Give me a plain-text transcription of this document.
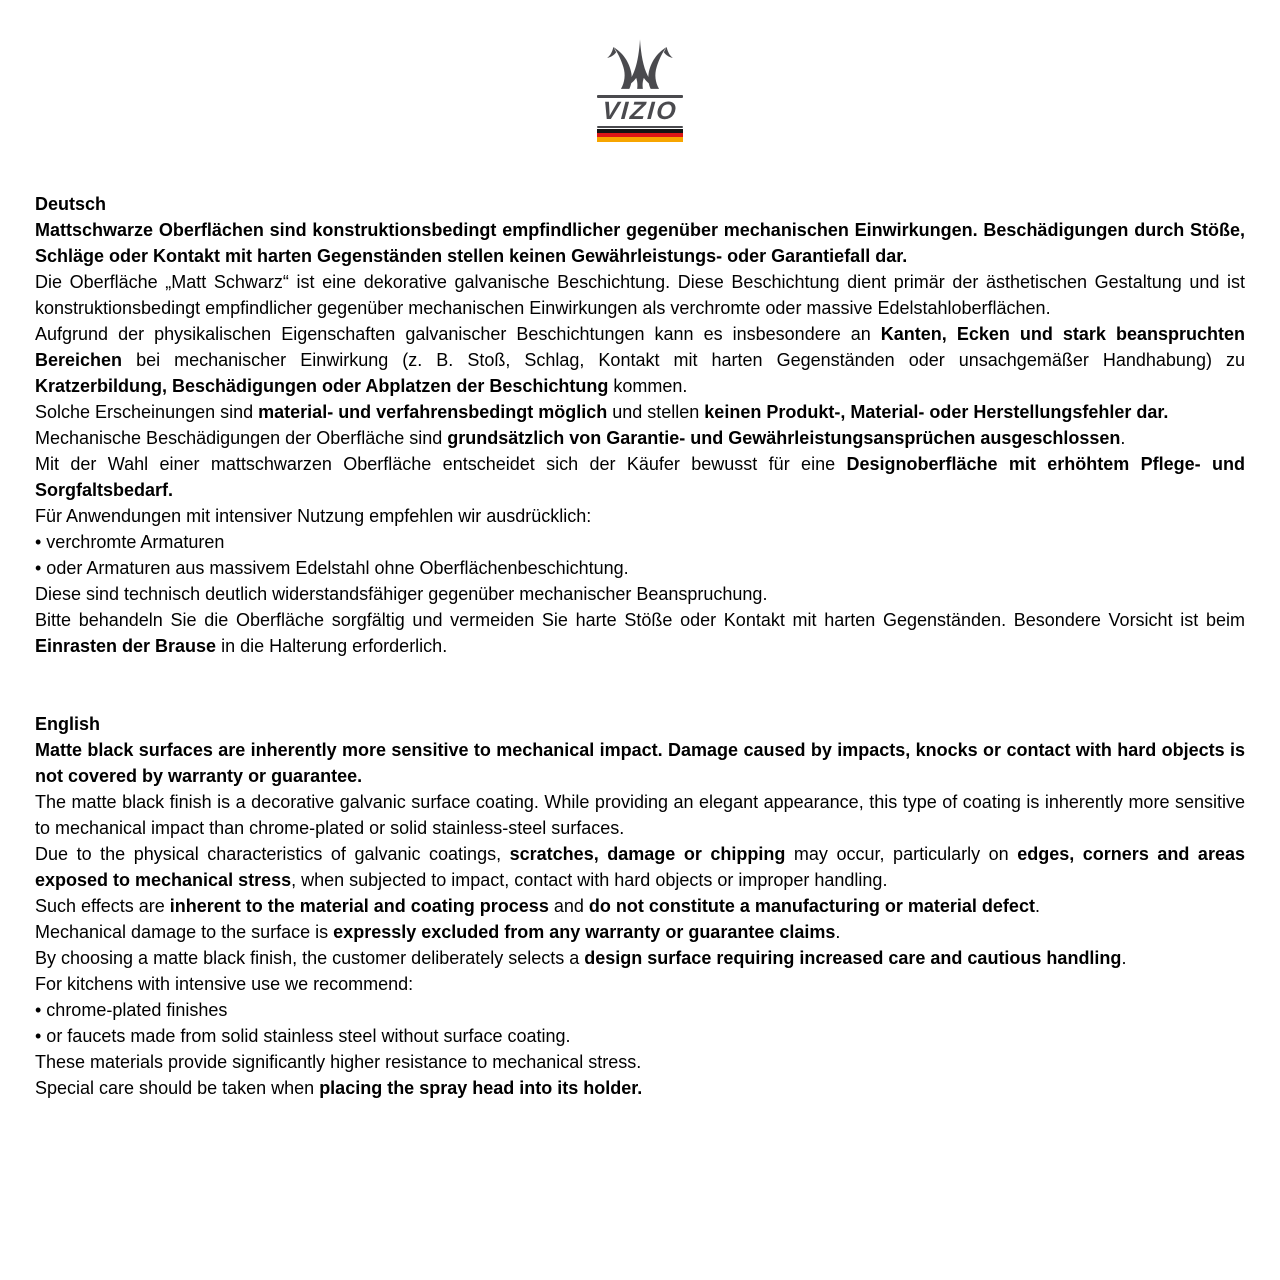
VIZIO

Deutsch

Mattschwarze Oberflächen sind konstruktionsbedingt empfindlicher gegenüber mechanischen Einwirkungen. Beschädigungen durch Stöße, Schläge oder Kontakt mit harten Gegenständen stellen keinen Gewährleistungs- oder Garantiefall dar.

Die Oberfläche „Matt Schwarz“ ist eine dekorative galvanische Beschichtung. Diese Beschichtung dient primär der ästhetischen Gestaltung und ist konstruktionsbedingt empfindlicher gegenüber mechanischen Einwirkungen als verchromte oder massive Edelstahloberflächen.

Aufgrund der physikalischen Eigenschaften galvanischer Beschichtungen kann es insbesondere an Kanten, Ecken und stark beanspruchten Bereichen bei mechanischer Einwirkung (z. B. Stoß, Schlag, Kontakt mit harten Gegenständen oder unsachgemäßer Handhabung) zu Kratzerbildung, Beschädigungen oder Abplatzen der Beschichtung kommen.

Solche Erscheinungen sind material- und verfahrensbedingt möglich und stellen keinen Produkt-, Material- oder Herstellungsfehler dar.

Mechanische Beschädigungen der Oberfläche sind grundsätzlich von Garantie- und Gewährleistungsansprüchen ausgeschlossen.

Mit der Wahl einer mattschwarzen Oberfläche entscheidet sich der Käufer bewusst für eine Designoberfläche mit erhöhtem Pflege- und Sorgfaltsbedarf.

Für Anwendungen mit intensiver Nutzung empfehlen wir ausdrücklich:

• verchromte Armaturen

• oder Armaturen aus massivem Edelstahl ohne Oberflächenbeschichtung.

Diese sind technisch deutlich widerstandsfähiger gegenüber mechanischer Beanspruchung.

Bitte behandeln Sie die Oberfläche sorgfältig und vermeiden Sie harte Stöße oder Kontakt mit harten Gegenständen. Besondere Vorsicht ist beim Einrasten der Brause in die Halterung erforderlich.

English

Matte black surfaces are inherently more sensitive to mechanical impact. Damage caused by impacts, knocks or contact with hard objects is not covered by warranty or guarantee.

The matte black finish is a decorative galvanic surface coating. While providing an elegant appearance, this type of coating is inherently more sensitive to mechanical impact than chrome-plated or solid stainless-steel surfaces.

Due to the physical characteristics of galvanic coatings, scratches, damage or chipping may occur, particularly on edges, corners and areas exposed to mechanical stress, when subjected to impact, contact with hard objects or improper handling.

Such effects are inherent to the material and coating process and do not constitute a manufacturing or material defect.

Mechanical damage to the surface is expressly excluded from any warranty or guarantee claims.

By choosing a matte black finish, the customer deliberately selects a design surface requiring increased care and cautious handling.

For kitchens with intensive use we recommend:

• chrome-plated finishes

• or faucets made from solid stainless steel without surface coating.

These materials provide significantly higher resistance to mechanical stress.

Special care should be taken when placing the spray head into its holder.
